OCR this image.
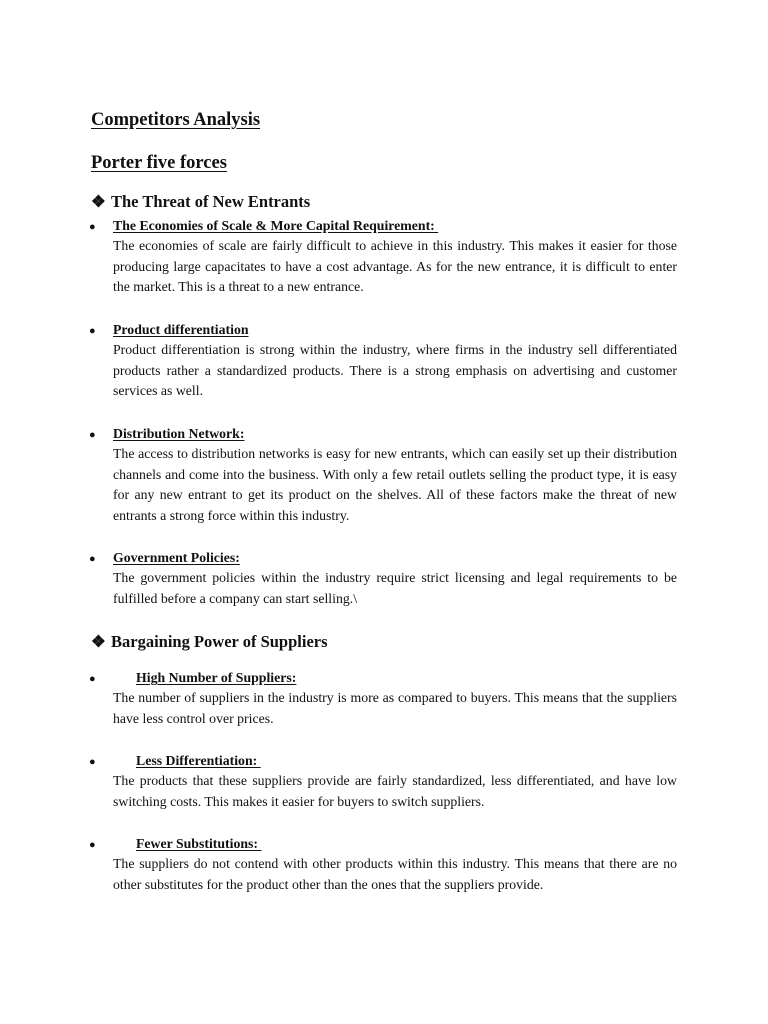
Competitors Analysis
Porter five forces
❖ The Threat of New Entrants
● The Economies of Scale & More Capital Requirement:

The economies of scale are fairly difficult to achieve in this industry. This makes it easier for those producing large capacitates to have a cost advantage. As for the new entrance, it is difficult to enter the market. This is a threat to a new entrance.

● Product differentiation

Product differentiation is strong within the industry, where firms in the industry sell differentiated products rather a standardized products. There is a strong emphasis on advertising and customer services as well.

● Distribution Network:

The access to distribution networks is easy for new entrants, which can easily set up their distribution channels and come into the business. With only a few retail outlets selling the product type, it is easy for any new entrant to get its product on the shelves. All of these factors make the threat of new entrants a strong force within this industry.

● Government Policies:

The government policies within the industry require strict licensing and legal requirements to be fulfilled before a company can start selling.\

❖ Bargaining Power of Suppliers
●	High Number of Suppliers:

The number of suppliers in the industry is more as compared to buyers. This means that the suppliers have less control over prices.

●	Less Differentiation:

The products that these suppliers provide are fairly standardized, less differentiated, and have low switching costs. This makes it easier for buyers to switch suppliers.

●	Fewer Substitutions:

The suppliers do not contend with other products within this industry. This means that there are no other substitutes for the product other than the ones that the suppliers provide.
